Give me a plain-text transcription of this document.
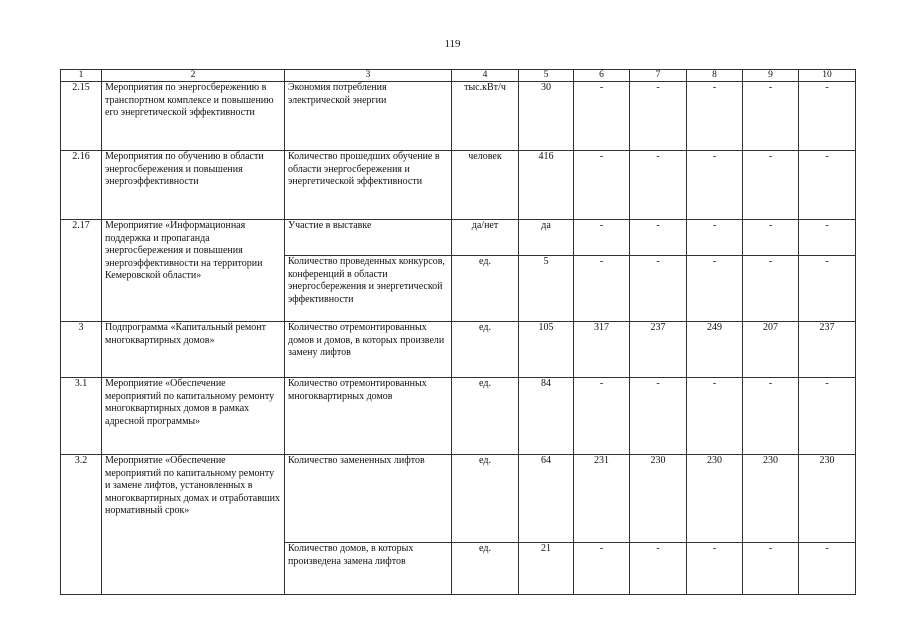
119
1	2	3	4	5	6	7	8	9	10
2.15	Мероприятия по энергосбережению в транспортном комплексе и повышению его энергетической эффективности	Экономия потребления электрической энергии	тыс.кВт/ч	30	-	-	-	-	-
2.16	Мероприятия по обучению в области энергосбережения и повышения энергоэффективности	Количество прошедших обучение в области энергосбережения и энергетической эффективности	человек	416	-	-	-	-	-
2.17	Мероприятие «Информационная поддержка и пропаганда энергосбережения и повышения энергоэффективности на территории Кемеровской области»	Участие в выставке	да/нет	да	-	-	-	-	-
		Количество проведенных конкурсов, конференций в области энергосбережения и энергетической эффективности	ед.	5	-	-	-	-	-
3	Подпрограмма «Капитальный ремонт многоквартирных домов»	Количество отремонтированных домов и домов, в которых произвели замену лифтов	ед.	105	317	237	249	207	237
3.1	Мероприятие «Обеспечение мероприятий по капитальному ремонту многоквартирных домов в рамках адресной программы»	Количество отремонтированных многоквартирных домов	ед.	84	-	-	-	-	-
3.2	Мероприятие «Обеспечение мероприятий по капитальному ремонту и замене лифтов, установленных в многоквартирных домах и отработавших нормативный срок»	Количество замененных лифтов	ед.	64	231	230	230	230	230
		Количество домов, в которых произведена замена лифтов	ед.	21	-	-	-	-	-
